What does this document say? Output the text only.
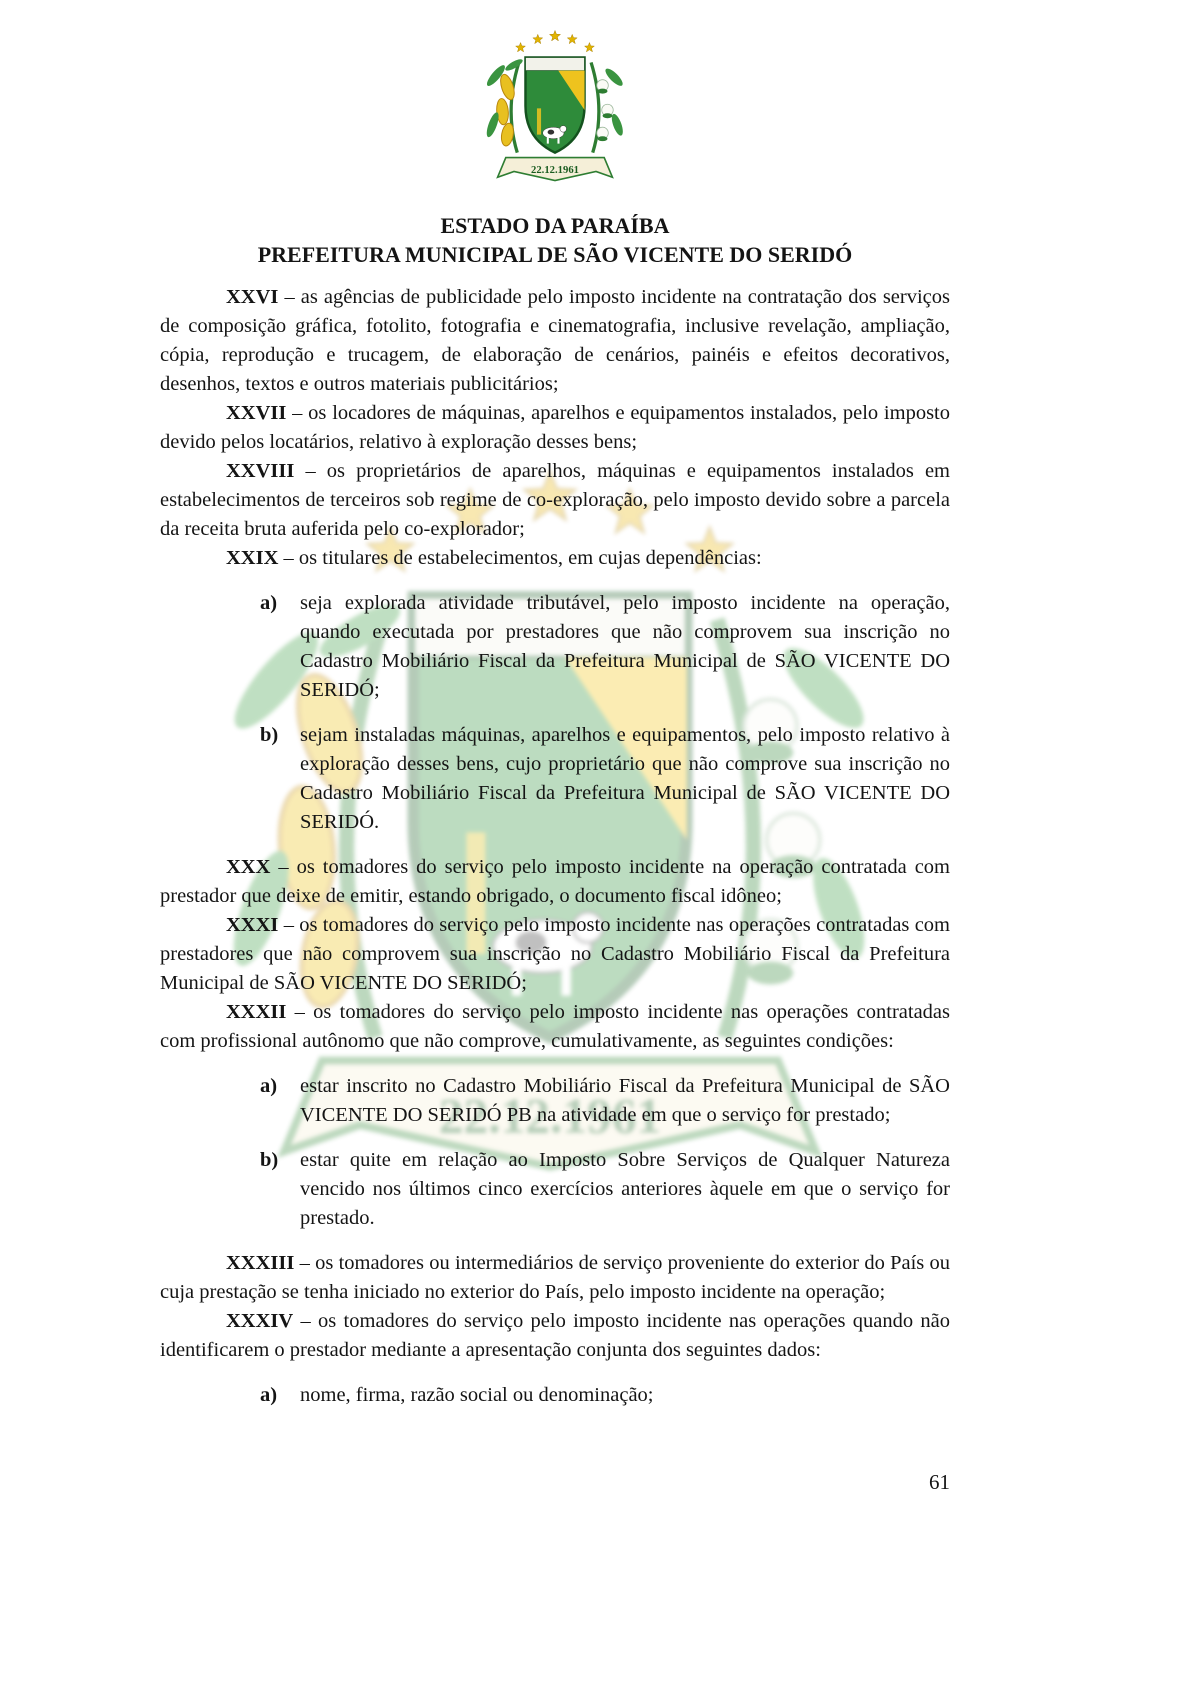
ESTADO DA PARAÍBA

PREFEITURA MUNICIPAL DE SÃO VICENTE DO SERIDÓ

XXVI – as agências de publicidade pelo imposto incidente na contratação dos serviços de composição gráfica, fotolito, fotografia e cinematografia, inclusive revelação, ampliação, cópia, reprodução e trucagem, de elaboração de cenários, painéis e efeitos decorativos, desenhos, textos e outros materiais publicitários;

XXVII – os locadores de máquinas, aparelhos e equipamentos instalados, pelo imposto devido pelos locatários, relativo à exploração desses bens;

XXVIII – os proprietários de aparelhos, máquinas e equipamentos instalados em estabelecimentos de terceiros sob regime de co-exploração, pelo imposto devido sobre a parcela da receita bruta auferida pelo co-explorador;

XXIX – os titulares de estabelecimentos, em cujas dependências:

a)	seja explorada atividade tributável, pelo imposto incidente na operação, quando executada por prestadores que não comprovem sua inscrição no Cadastro Mobiliário Fiscal da Prefeitura Municipal de SÃO VICENTE DO SERIDÓ;
b)	sejam instaladas máquinas, aparelhos e equipamentos, pelo imposto relativo à exploração desses bens, cujo proprietário que não comprove sua inscrição no Cadastro Mobiliário Fiscal da Prefeitura Municipal de SÃO VICENTE DO SERIDÓ.

XXX – os tomadores do serviço pelo imposto incidente na operação contratada com prestador que deixe de emitir, estando obrigado, o documento fiscal idôneo;

XXXI – os tomadores do serviço pelo imposto incidente nas operações contratadas com prestadores que não comprovem sua inscrição no Cadastro Mobiliário Fiscal da Prefeitura Municipal de SÃO VICENTE DO SERIDÓ;

XXXII – os tomadores do serviço pelo imposto incidente nas operações contratadas com profissional autônomo que não comprove, cumulativamente, as seguintes condições:

a)	estar inscrito no Cadastro Mobiliário Fiscal da Prefeitura Municipal de SÃO VICENTE DO SERIDÓ PB na atividade em que o serviço for prestado;
b)	estar quite em relação ao Imposto Sobre Serviços de Qualquer Natureza vencido nos últimos cinco exercícios anteriores àquele em que o serviço for prestado.

XXXIII – os tomadores ou intermediários de serviço proveniente do exterior do País ou cuja prestação se tenha iniciado no exterior do País, pelo imposto incidente na operação;

XXXIV – os tomadores do serviço pelo imposto incidente nas operações quando não identificarem o prestador mediante a apresentação conjunta dos seguintes dados:

a)	nome, firma, razão social ou denominação;
61
